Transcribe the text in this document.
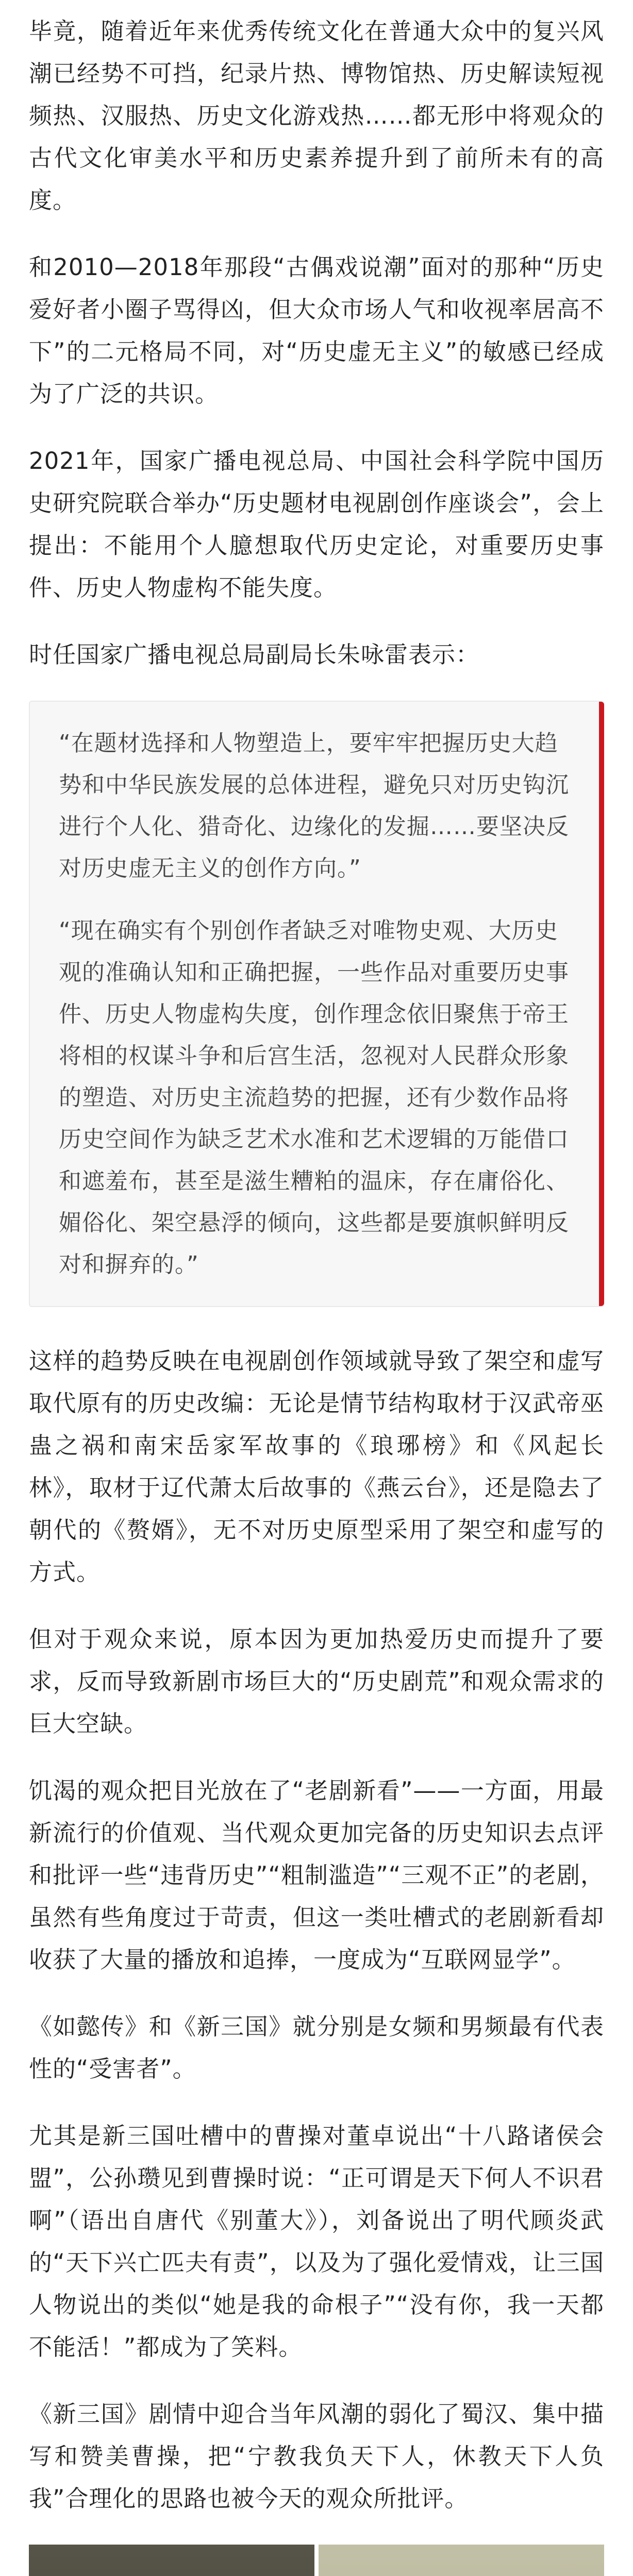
毕竟，随着近年来优秀传统文化在普通大众中的复兴风潮已经势不可挡，纪录片热、博物馆热、历史解读短视频热、汉服热、历史文化游戏热……都无形中将观众的古代文化审美水平和历史素养提升到了前所未有的高度。

和2010—2018年那段“古偶戏说潮”面对的那种“历史爱好者小圈子骂得凶，但大众市场人气和收视率居高不下”的二元格局不同，对“历史虚无主义”的敏感已经成为了广泛的共识。

2021年，国家广播电视总局、中国社会科学院中国历史研究院联合举办“历史题材电视剧创作座谈会”，会上提出：不能用个人臆想取代历史定论，对重要历史事件、历史人物虚构不能失度。

时任国家广播电视总局副局长朱咏雷表示：

“在题材选择和人物塑造上，要牢牢把握历史大趋势和中华民族发展的总体进程，避免只对历史钩沉进行个人化、猎奇化、边缘化的发掘……要坚决反对历史虚无主义的创作方向。”

“现在确实有个别创作者缺乏对唯物史观、大历史观的准确认知和正确把握，一些作品对重要历史事件、历史人物虚构失度，创作理念依旧聚焦于帝王将相的权谋斗争和后宫生活，忽视对人民群众形象的塑造、对历史主流趋势的把握，还有少数作品将历史空间作为缺乏艺术水准和艺术逻辑的万能借口和遮羞布，甚至是滋生糟粕的温床，存在庸俗化、媚俗化、架空悬浮的倾向，这些都是要旗帜鲜明反对和摒弃的。”

这样的趋势反映在电视剧创作领域就导致了架空和虚写取代原有的历史改编：无论是情节结构取材于汉武帝巫蛊之祸和南宋岳家军故事的《琅琊榜》和《风起长林》，取材于辽代萧太后故事的《燕云台》，还是隐去了朝代的《赘婿》，无不对历史原型采用了架空和虚写的方式。

但对于观众来说，原本因为更加热爱历史而提升了要求，反而导致新剧市场巨大的“历史剧荒”和观众需求的巨大空缺。

饥渴的观众把目光放在了“老剧新看”——一方面，用最新流行的价值观、当代观众更加完备的历史知识去点评和批评一些“违背历史”“粗制滥造”“三观不正”的老剧，虽然有些角度过于苛责，但这一类吐槽式的老剧新看却收获了大量的播放和追捧，一度成为“互联网显学”。

《如懿传》和《新三国》就分别是女频和男频最有代表性的“受害者”。

尤其是新三国吐槽中的曹操对董卓说出“十八路诸侯会盟”，公孙瓒见到曹操时说：“正可谓是天下何人不识君啊”（语出自唐代《别董大》），刘备说出了明代顾炎武的“天下兴亡匹夫有责”，以及为了强化爱情戏，让三国人物说出的类似“她是我的命根子”“没有你，我一天都不能活！”都成为了笑料。

《新三国》剧情中迎合当年风潮的弱化了蜀汉、集中描写和赞美曹操，把“宁教我负天下人，休教天下人负我”合理化的思路也被今天的观众所批评。
